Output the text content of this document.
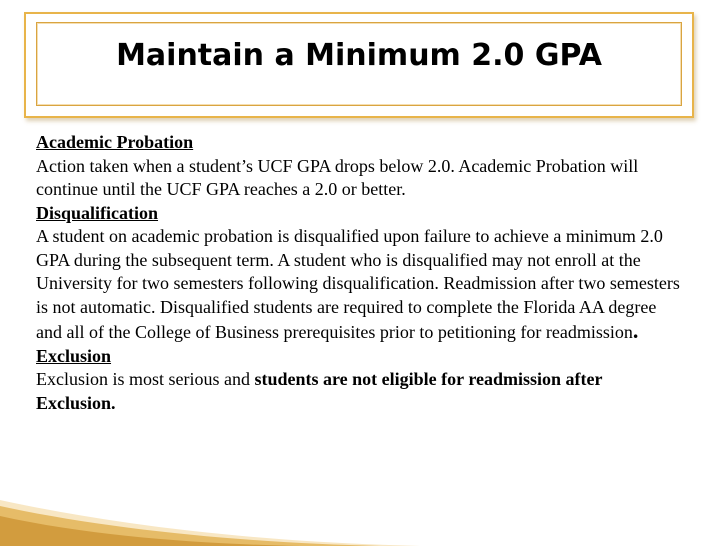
Maintain a Minimum 2.0 GPA
Academic Probation
Action taken when a student’s UCF GPA drops below 2.0. Academic Probation will continue until the UCF GPA reaches a 2.0 or better.
Disqualification
A student on academic probation is disqualified upon failure to achieve a minimum 2.0 GPA during the subsequent term. A student who is disqualified may not enroll at the University for two semesters following disqualification. Readmission after two semesters is not automatic. Disqualified students are required to complete the Florida AA degree and all of the College of Business prerequisites prior to petitioning for readmission.
Exclusion
Exclusion is most serious and students are not eligible for readmission after Exclusion.
